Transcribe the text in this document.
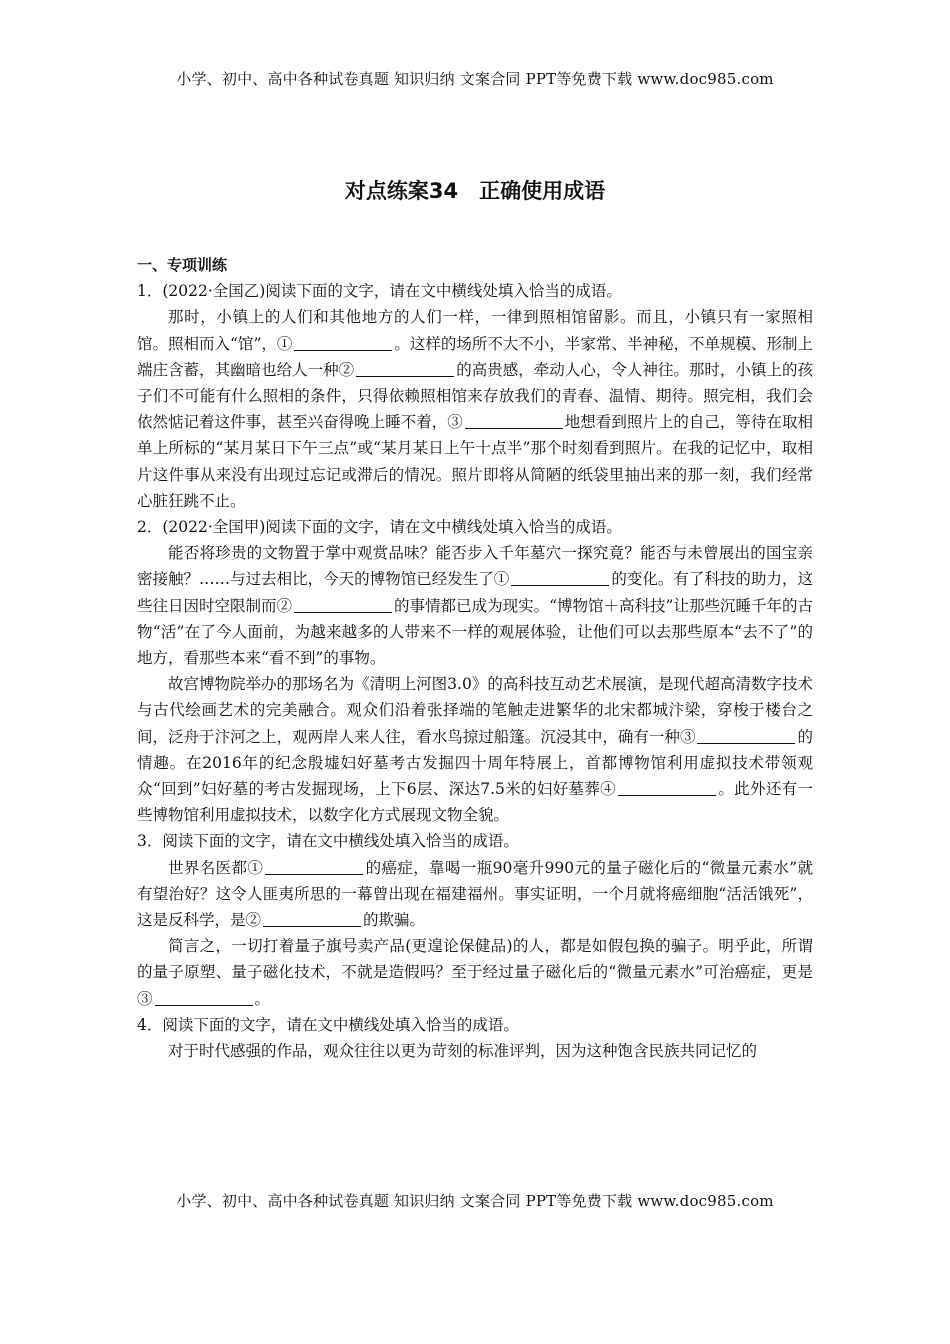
小学、初中、高中各种试卷真题 知识归纳 文案合同 PPT等免费下载 www.doc985.com
对点练案34　正确使用成语
一、专项训练
1．(2022·全国乙)阅读下面的文字，请在文中横线处填入恰当的成语。
那时，小镇上的人们和其他地方的人们一样，一律到照相馆留影。而且，小镇只有一家照相馆。照相而入“馆”，①	。这样的场所不大不小，半家常、半神秘，不单规模、形制上端庄含蓄，其幽暗也给人一种②	的高贵感，牵动人心，令人神往。那时，小镇上的孩子们不可能有什么照相的条件，只得依赖照相馆来存放我们的青春、温情、期待。照完相，我们会依然惦记着这件事，甚至兴奋得晚上睡不着，③	地想看到照片上的自己，等待在取相单上所标的“某月某日下午三点”或“某月某日上午十点半”那个时刻看到照片。在我的记忆中，取相片这件事从来没有出现过忘记或滞后的情况。照片即将从简陋的纸袋里抽出来的那一刻，我们经常心脏狂跳不止。
2．(2022·全国甲)阅读下面的文字，请在文中横线处填入恰当的成语。
能否将珍贵的文物置于掌中观赏品味？能否步入千年墓穴一探究竟？能否与未曾展出的国宝亲密接触？……与过去相比，今天的博物馆已经发生了①	的变化。有了科技的助力，这些往日因时空限制而②	的事情都已成为现实。“博物馆＋高科技”让那些沉睡千年的古物“活”在了今人面前，为越来越多的人带来不一样的观展体验，让他们可以去那些原本“去不了”的地方，看那些本来“看不到”的事物。
故宫博物院举办的那场名为《清明上河图3.0》的高科技互动艺术展演，是现代超高清数字技术与古代绘画艺术的完美融合。观众们沿着张择端的笔触走进繁华的北宋都城汴梁，穿梭于楼台之间，泛舟于汴河之上，观两岸人来人往，看水鸟掠过船篷。沉浸其中，确有一种③	的情趣。在2016年的纪念殷墟妇好墓考古发掘四十周年特展上，首都博物馆利用虚拟技术带领观众“回到”妇好墓的考古发掘现场，上下6层、深达7.5米的妇好墓葬④	。此外还有一些博物馆利用虚拟技术，以数字化方式展现文物全貌。
3．阅读下面的文字，请在文中横线处填入恰当的成语。
世界名医都①	的癌症，靠喝一瓶90毫升990元的量子磁化后的“微量元素水”就有望治好？这令人匪夷所思的一幕曾出现在福建福州。事实证明，一个月就将癌细胞“活活饿死”，这是反科学，是②	的欺骗。
简言之，一切打着量子旗号卖产品(更遑论保健品)的人，都是如假包换的骗子。明乎此，所谓的量子原塑、量子磁化技术，不就是造假吗？至于经过量子磁化后的“微量元素水”可治癌症，更是③	。
4．阅读下面的文字，请在文中横线处填入恰当的成语。
对于时代感强的作品，观众往往以更为苛刻的标准评判，因为这种饱含民族共同记忆的
小学、初中、高中各种试卷真题 知识归纳 文案合同 PPT等免费下载 www.doc985.com
